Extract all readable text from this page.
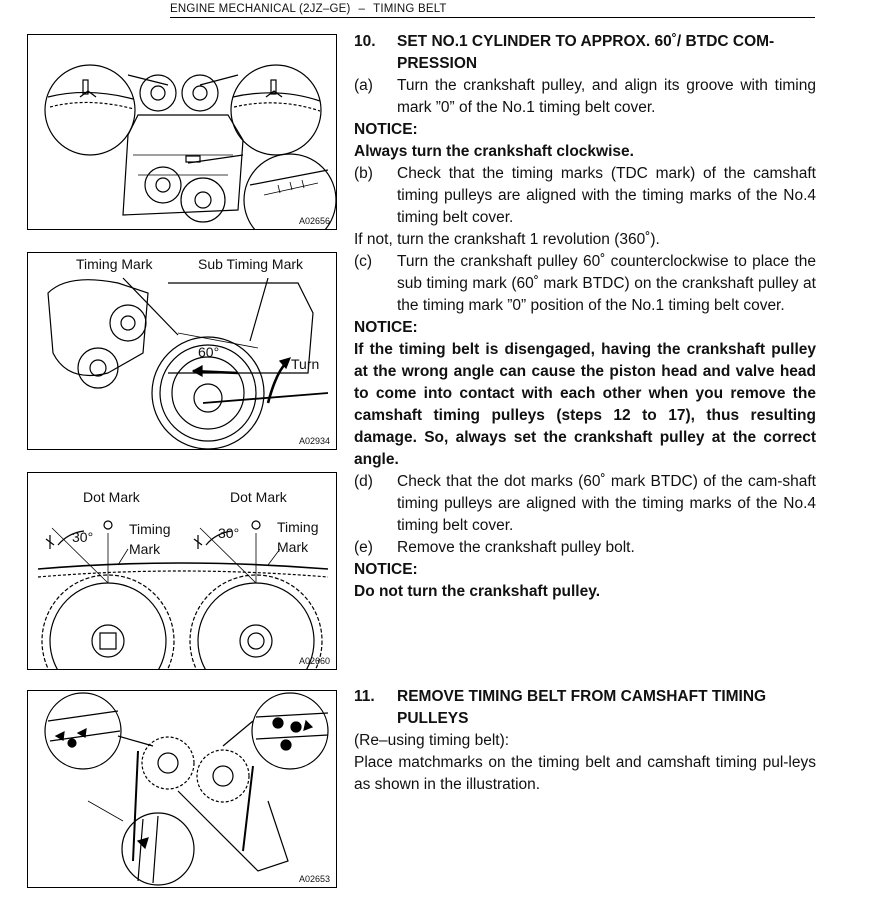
ENGINE MECHANICAL (2JZ–GE) – TIMING BELT
A02656
Timing Mark	Sub Timing Mark
60°
Turn
A02934
Dot Mark	Dot Mark
30°	30°
Timing
Mark
Timing
Mark
A02660
A02653
10.	SET NO.1 CYLINDER TO APPROX. 60˚/ BTDC COM-
PRESSION
(a)	Turn the crankshaft pulley, and align its groove with timing mark ”0” of the No.1 timing belt cover.
NOTICE:
Always turn the crankshaft clockwise.
(b)	Check that the timing marks (TDC mark) of the camshaft timing pulleys are aligned with the timing marks of the No.4 timing belt cover.
If not, turn the crankshaft 1 revolution (360˚).
(c)	Turn the crankshaft pulley 60˚ counterclockwise to place the sub timing mark (60˚ mark BTDC) on the crankshaft pulley at the timing mark ”0” position of the No.1 timing belt cover.
NOTICE:
If the timing belt is disengaged, having the crankshaft pulley at the wrong angle can cause the piston head and valve head to come into contact with each other when you remove the camshaft timing pulleys (steps 12 to 17), thus resulting damage. So, always set the crankshaft pulley at the correct angle.
(d)	Check that the dot marks (60˚ mark BTDC) of the cam-shaft timing pulleys are aligned with the timing marks of the No.4 timing belt cover.
(e)	Remove the crankshaft pulley bolt.
NOTICE:
Do not turn the crankshaft pulley.
11.	REMOVE TIMING BELT FROM CAMSHAFT TIMING
PULLEYS
(Re–using timing belt):
Place matchmarks on the timing belt and camshaft timing pul-leys as shown in the illustration.
